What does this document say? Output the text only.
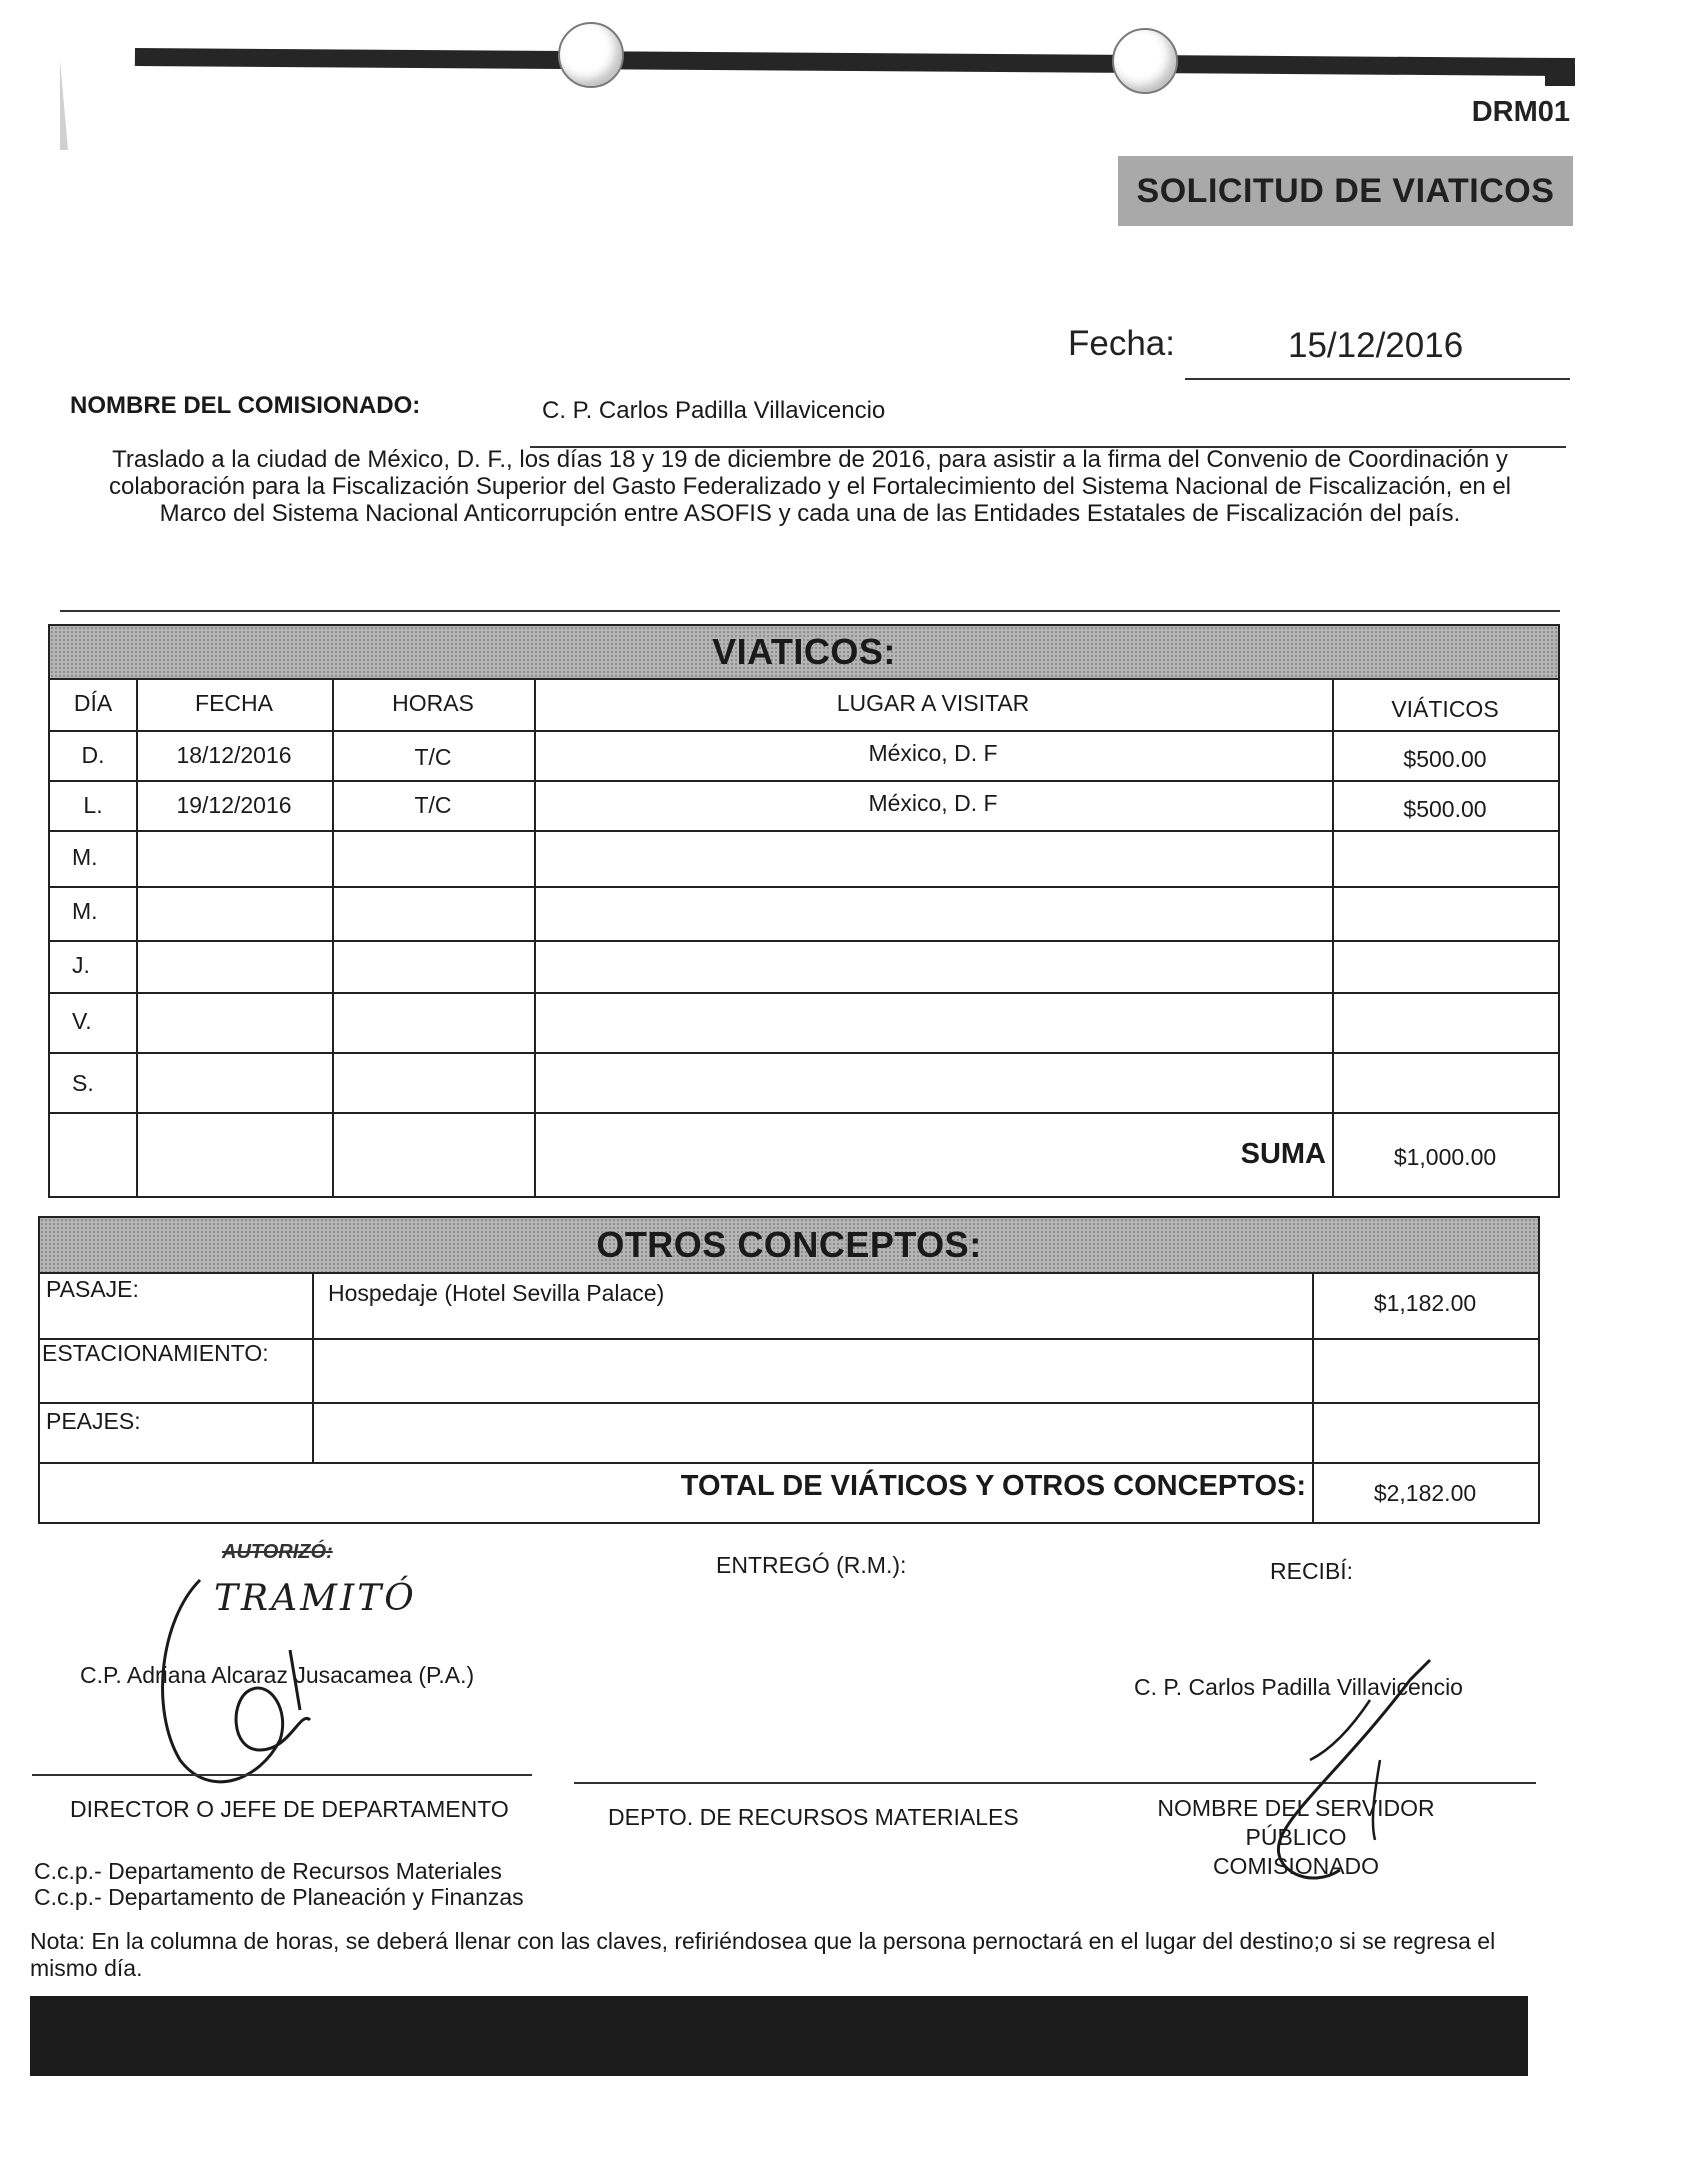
DRM01
SOLICITUD DE VIATICOS
Fecha:	15/12/2016
NOMBRE DEL COMISIONADO:	C. P. Carlos Padilla Villavicencio
Traslado a la ciudad de México, D. F., los días 18 y 19 de diciembre de 2016, para asistir a la firma del Convenio de Coordinación y colaboración para la Fiscalización Superior del Gasto Federalizado y el Fortalecimiento del Sistema Nacional de Fiscalización, en el Marco del Sistema Nacional Anticorrupción entre ASOFIS y cada una de las Entidades Estatales de Fiscalización del país.
VIATICOS:
DÍA	FECHA	HORAS	LUGAR A VISITAR	VIÁTICOS
D.	18/12/2016	T/C	México, D. F	$500.00
L.	19/12/2016	T/C	México, D. F	$500.00
M.
M.
J.
V.
S.
SUMA	$1,000.00
OTROS CONCEPTOS:
PASAJE:	Hospedaje (Hotel Sevilla Palace)	$1,182.00
ESTACIONAMIENTO:
PEAJES:
TOTAL DE VIÁTICOS Y OTROS CONCEPTOS:	$2,182.00
AUTORIZÓ:
TRAMITÓ
C.P. Adriana Alcaraz Jusacamea (P.A.)
DIRECTOR O JEFE DE DEPARTAMENTO
ENTREGÓ (R.M.):
DEPTO. DE RECURSOS MATERIALES
RECIBÍ:
C. P. Carlos Padilla Villavicencio
NOMBRE DEL SERVIDOR PÚBLICO
COMISIONADO
C.c.p.- Departamento de Recursos Materiales
C.c.p.- Departamento de Planeación y Finanzas
Nota: En la columna de horas, se deberá llenar con las claves, refiriéndosea que la persona pernoctará en el lugar del destino;o si se regresa el mismo día.
